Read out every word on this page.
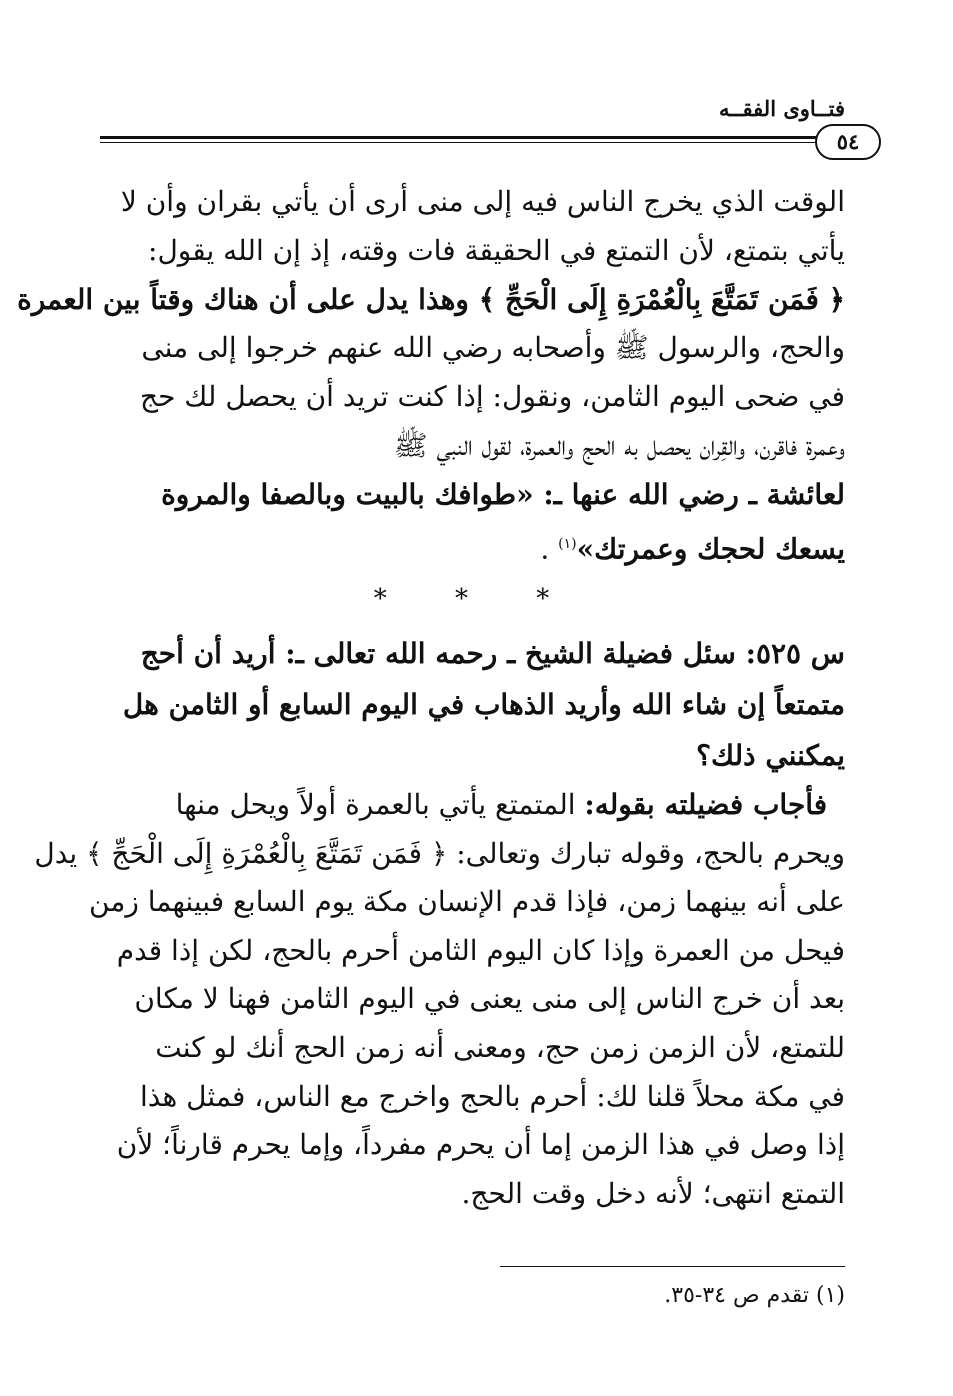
فتــاوى الفقــه
٥٤
الوقت الذي يخرج الناس فيه إلى منى أرى أن يأتي بقران وأن لا
يأتي بتمتع، لأن التمتع في الحقيقة فات وقته، إذ إن الله يقول:
﴿ فَمَن تَمَتَّعَ بِالْعُمْرَةِ إِلَى الْحَجِّ ﴾ وهذا يدل على أن هناك وقتاً بين العمرة
والحج، والرسول ﷺ وأصحابه رضي الله عنهم خرجوا إلى منى
في ضحى اليوم الثامن، ونقول: إذا كنت تريد أن يحصل لك حج
وعمرة فاقرن، والقِران يحصل به الحج والعمرة، لقول النبي ﷺ
لعائشة ـ رضي الله عنها ـ: «طوافك بالبيت وبالصفا والمروة
يسعك لحجك وعمرتك»$^{(١)}$ .
* * *
س ٥٢٥: سئل فضيلة الشيخ ـ رحمه الله تعالى ـ: أريد أن أحج
متمتعاً إن شاء الله وأريد الذهاب في اليوم السابع أو الثامن هل
يمكنني ذلك؟
فأجاب فضيلته بقوله: المتمتع يأتي بالعمرة أولاً ويحل منها
ويحرم بالحج، وقوله تبارك وتعالى: ﴿ فَمَن تَمَتَّعَ بِالْعُمْرَةِ إِلَى الْحَجِّ ﴾ يدل
على أنه بينهما زمن، فإذا قدم الإنسان مكة يوم السابع فبينهما زمن
فيحل من العمرة وإذا كان اليوم الثامن أحرم بالحج، لكن إذا قدم
بعد أن خرج الناس إلى منى يعنى في اليوم الثامن فهنا لا مكان
للتمتع، لأن الزمن زمن حج، ومعنى أنه زمن الحج أنك لو كنت
في مكة محلاً قلنا لك: أحرم بالحج واخرج مع الناس، فمثل هذا
إذا وصل في هذا الزمن إما أن يحرم مفرداً، وإما يحرم قارناً؛ لأن
التمتع انتهى؛ لأنه دخل وقت الحج.
(١) تقدم ص ٣٤-٣٥.
